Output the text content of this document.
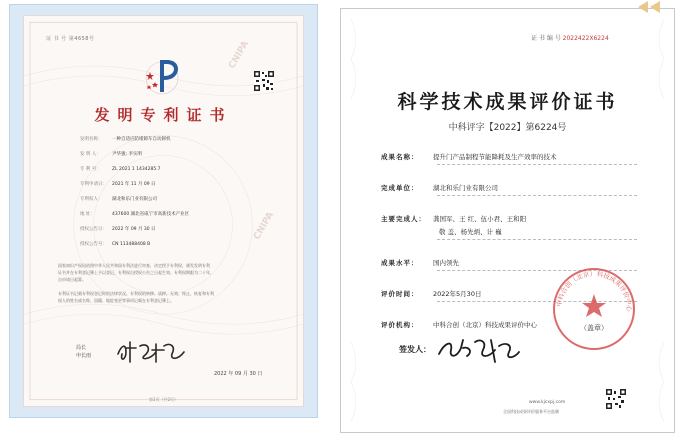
证 书 号 第4658号
发明专利证书
发明名称： 一种自适应防堵卸车自动卸机
发 明 人： 尹华强; 李实明
专 利 号： ZL 2021 1 1434285.7
专利申请日： 2021 年 11 月 09 日
专利权人： 湖北和乐门业有限公司
地 址：	437600 湖北省咸宁市高新技术产业区
授权公告日： 2022 年 09 月 30 日
授权公告号： CN 113488408 B
国家知识产权局依照中华人民共和国专利法进行审查，决定授予专利权，颁发发明专利
证书并在专利登记簿上予以登记。专利权自授权公告之日起生效。专利权期限为二十年，
自申请日起算。
专利证书记载专利权登记时的法律状况。专利权的转移、质押、无效、终止、恢复和专利
权人的姓名或名称、国籍、地址变更等事项记载在专利登记簿上。
局长
申长雨
2022 年 09 月 30 日
第1页（共2页）
CNIPA
CNIPA
证 书 编 号 2022422X6224
科学技术成果评价证书
中科评字【2022】第6224号
成果名称： 提升门产品制程节能降耗及生产效率的技术
完成单位： 湖北和乐门业有限公司
主要完成人： 龚国军、王 红、伍小君、王和阳
敬 盖、杨先炳、计 巍
成果水平： 国内领先
评价时间： 2022年5月30日
评价机构： 中科合创（北京）科技成果评价中心
中科合创（北京）科技成果评价中心
（盖章）
签发人：
www.kjcxpj.com
全国科技成果评价服务平台监制
